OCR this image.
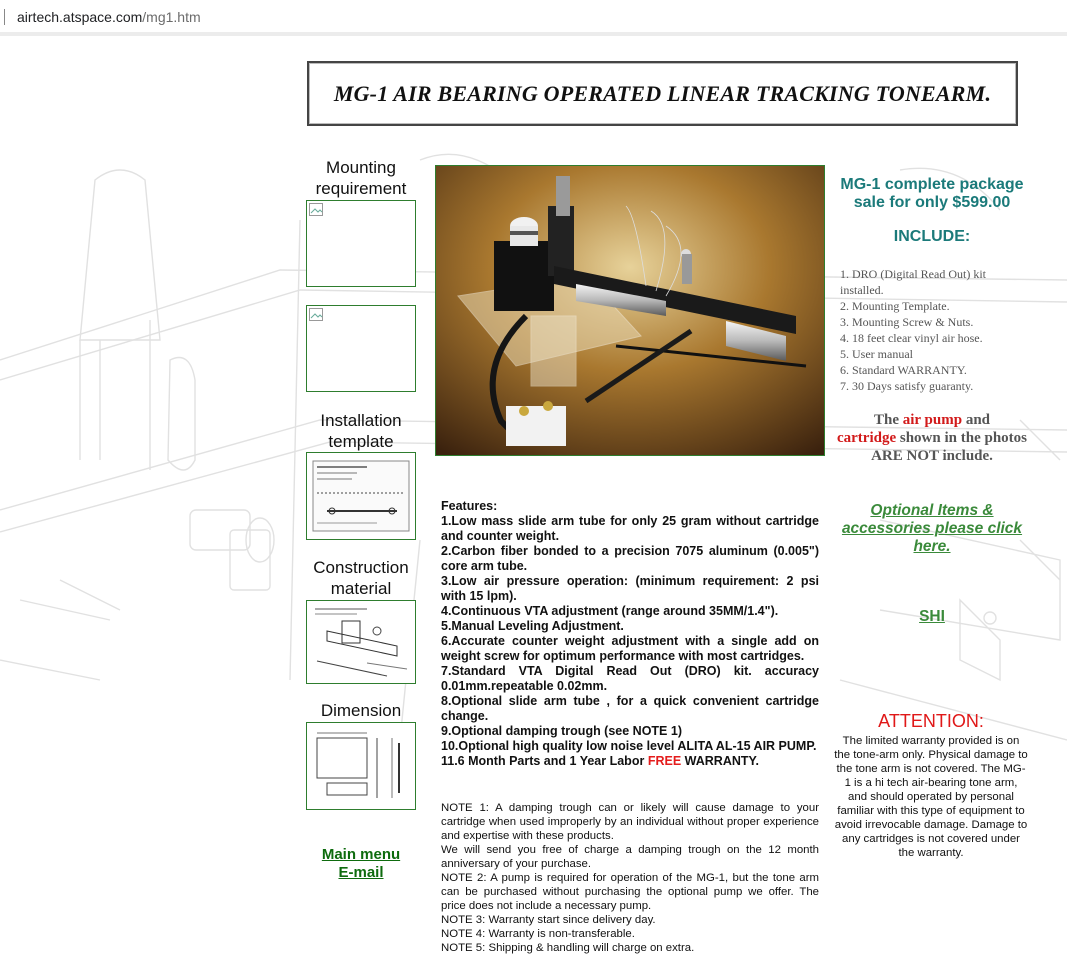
airtech.atspace.com/mg1.htm
MG-1 AIR BEARING OPERATED LINEAR TRACKING TONEARM.
Mounting requirement
Installation template
Construction material
Dimension
Main menu
E-mail

Features:

1.Low mass slide arm tube for only 25 gram without cartridge and counter weight.

2.Carbon fiber bonded to a precision 7075 aluminum (0.005") core arm tube.

3.Low air pressure operation: (minimum requirement: 2 psi with 15 lpm).

4.Continuous VTA adjustment (range around 35MM/1.4").

5.Manual Leveling Adjustment.

6.Accurate counter weight adjustment with a single add on weight screw for optimum performance with most cartridges.

7.Standard VTA Digital Read Out (DRO) kit. accuracy 0.01mm.repeatable 0.02mm.

8.Optional slide arm tube , for a quick convenient cartridge change.

9.Optional damping trough (see NOTE 1)

10.Optional high quality low noise level ALITA AL-15 AIR PUMP.

11.6 Month Parts and 1 Year Labor FREE WARRANTY.

NOTE 1: A damping trough can or likely will cause damage to your cartridge when used improperly by an individual without proper experience and expertise with these products.

We will send you free of charge a damping trough on the 12 month anniversary of your purchase.

NOTE 2: A pump is required for operation of the MG-1, but the tone arm can be purchased without purchasing the optional pump we offer. The price does not include a necessary pump.

NOTE 3: Warranty start since delivery day.

NOTE 4: Warranty is non-transferable.

NOTE 5: Shipping & handling will charge on extra.

MG-1 complete package sale for only $599.00
INCLUDE:
1. DRO (Digital Read Out) kit installed.
2. Mounting Template.
3. Mounting Screw & Nuts.
4. 18 feet clear vinyl air hose.
5. User manual
6. Standard WARRANTY.
7. 30 Days satisfy guaranty.
The air pump and
cartridge shown in the photos ARE NOT include.
Optional Items & accessories please click here.
SHI
ATTENTION:
The limited warranty provided is on the tone-arm only. Physical damage to the tone arm is not covered. The MG-1 is a hi tech air-bearing tone arm, and should operated by personal familiar with this type of equipment to avoid irrevocable damage. Damage to any cartridges is not covered under the warranty.
